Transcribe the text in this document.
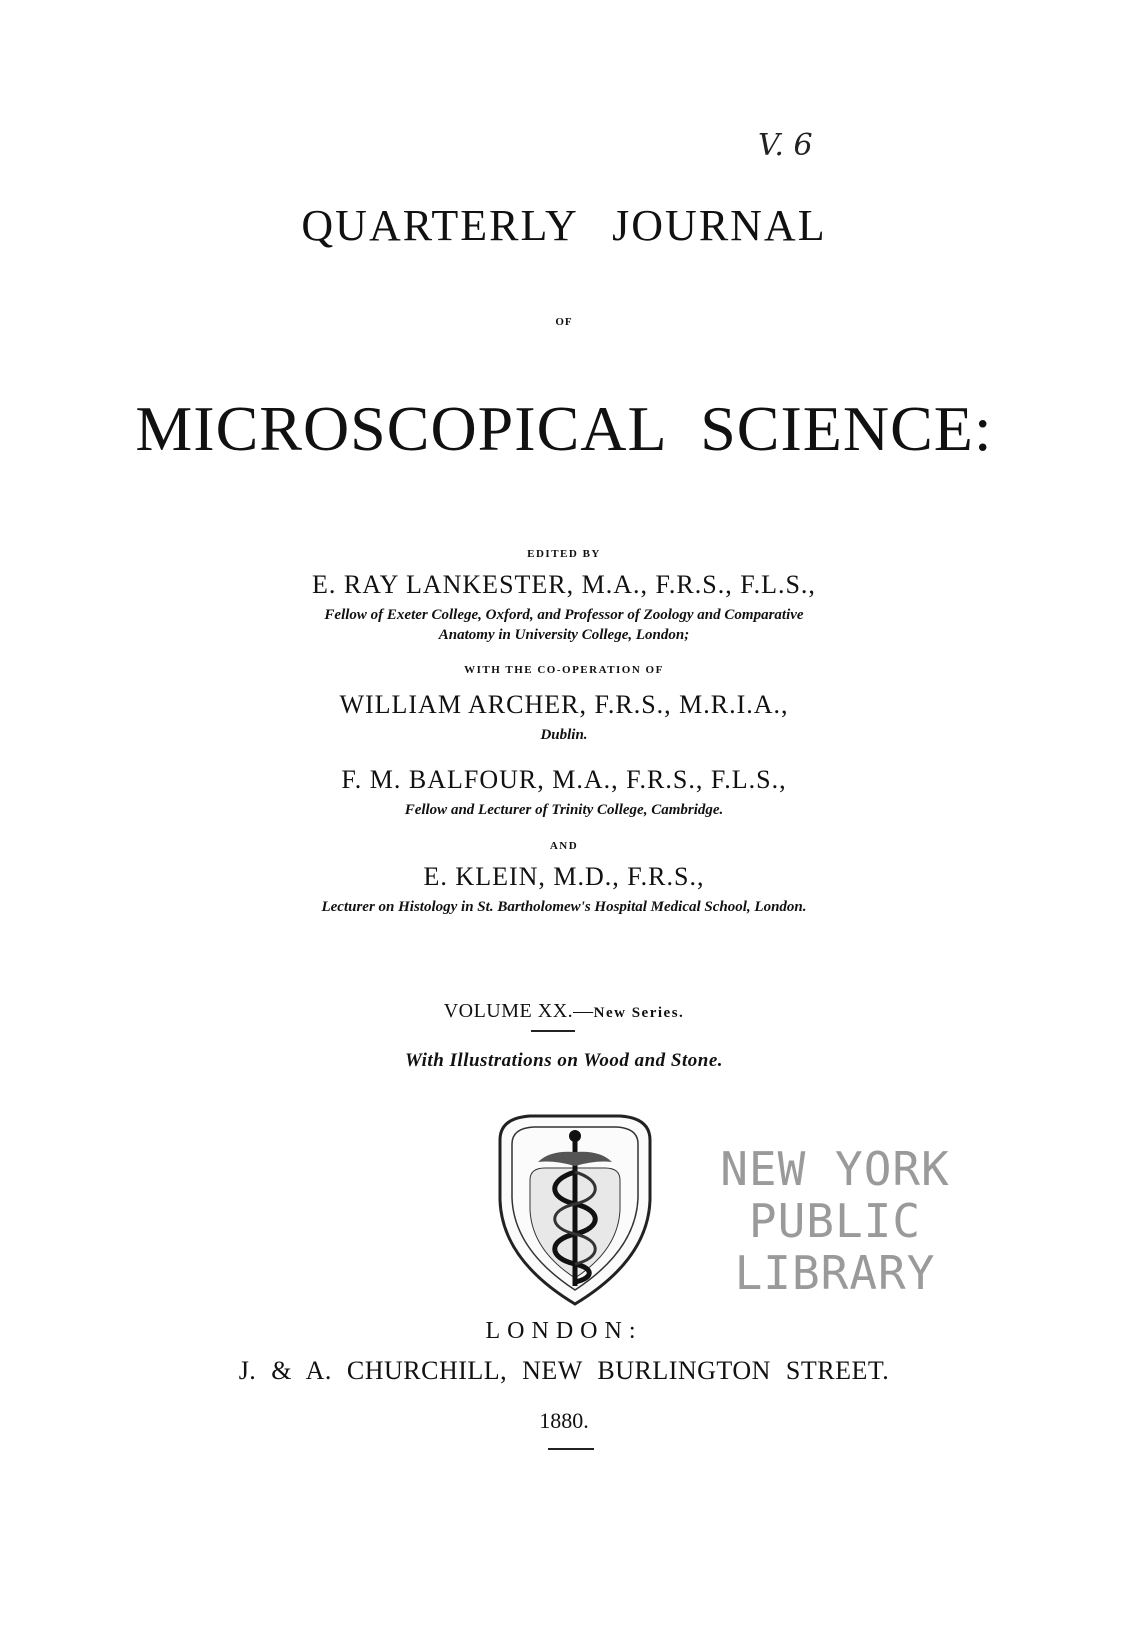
V. 6
QUARTERLY JOURNAL
OF
MICROSCOPICAL SCIENCE:
EDITED BY
E. RAY LANKESTER, M.A., F.R.S., F.L.S.,
Fellow of Exeter College, Oxford, and Professor of Zoology and Comparative
Anatomy in University College, London;
WITH THE CO-OPERATION OF
WILLIAM ARCHER, F.R.S., M.R.I.A.,
Dublin.
F. M. BALFOUR, M.A., F.R.S., F.L.S.,
Fellow and Lecturer of Trinity College, Cambridge.
AND
E. KLEIN, M.D., F.R.S.,
Lecturer on Histology in St. Bartholomew's Hospital Medical School, London.
VOLUME XX.—New Series.
With Illustrations on Wood and Stone.
NEW YORK
PUBLIC
LIBRARY
LONDON:
J. & A. CHURCHILL, NEW BURLINGTON STREET.
1880.
